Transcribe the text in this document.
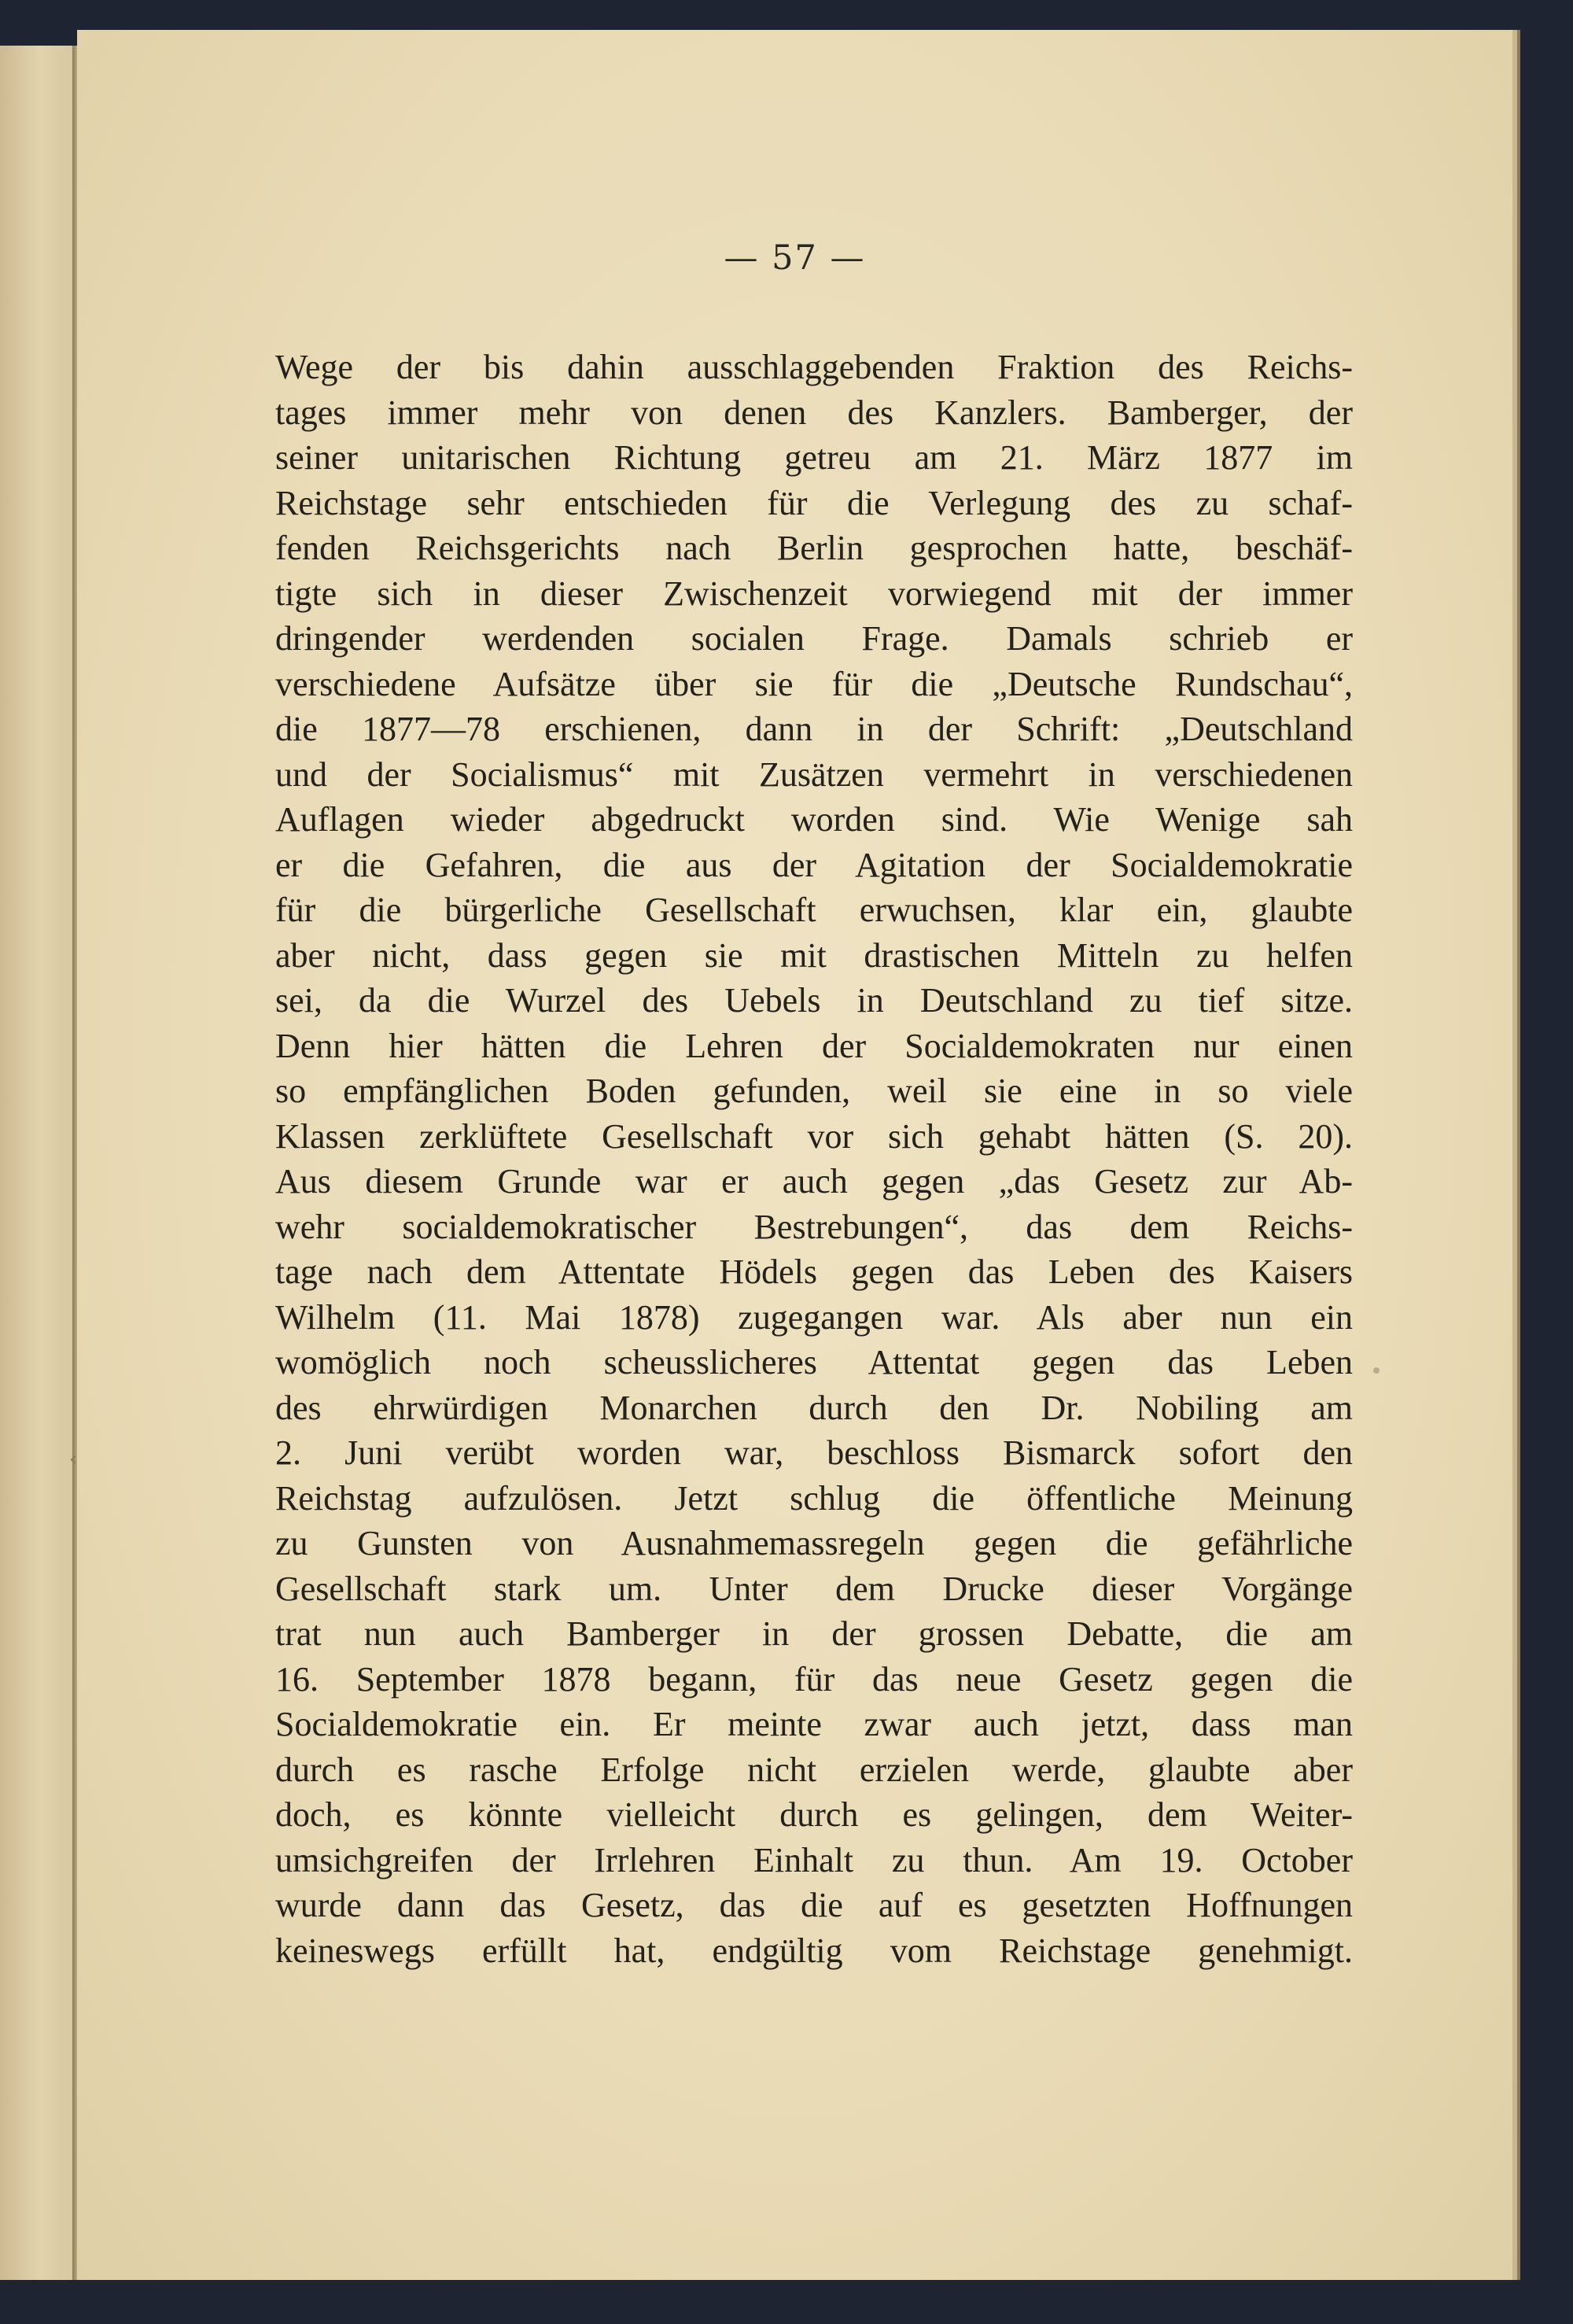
— 57 —
Wege der bis dahin ausschlaggebenden Fraktion des Reichs-
tages immer mehr von denen des Kanzlers. Bamberger, der
seiner unitarischen Richtung getreu am 21. März 1877 im
Reichstage sehr entschieden für die Verlegung des zu schaf-
fenden Reichsgerichts nach Berlin gesprochen hatte, beschäf-
tigte sich in dieser Zwischenzeit vorwiegend mit der immer
dringender werdenden socialen Frage. Damals schrieb er
verschiedene Aufsätze über sie für die „Deutsche Rundschau“,
die 1877—78 erschienen, dann in der Schrift: „Deutschland
und der Socialismus“ mit Zusätzen vermehrt in verschiedenen
Auflagen wieder abgedruckt worden sind. Wie Wenige sah
er die Gefahren, die aus der Agitation der Socialdemokratie
für die bürgerliche Gesellschaft erwuchsen, klar ein, glaubte
aber nicht, dass gegen sie mit drastischen Mitteln zu helfen
sei, da die Wurzel des Uebels in Deutschland zu tief sitze.
Denn hier hätten die Lehren der Socialdemokraten nur einen
so empfänglichen Boden gefunden, weil sie eine in so viele
Klassen zerklüftete Gesellschaft vor sich gehabt hätten (S. 20).
Aus diesem Grunde war er auch gegen „das Gesetz zur Ab-
wehr socialdemokratischer Bestrebungen“, das dem Reichs-
tage nach dem Attentate Hödels gegen das Leben des Kaisers
Wilhelm (11. Mai 1878) zugegangen war. Als aber nun ein
womöglich noch scheusslicheres Attentat gegen das Leben
des ehrwürdigen Monarchen durch den Dr. Nobiling am
2. Juni verübt worden war, beschloss Bismarck sofort den
Reichstag aufzulösen. Jetzt schlug die öffentliche Meinung
zu Gunsten von Ausnahmemassregeln gegen die gefährliche
Gesellschaft stark um. Unter dem Drucke dieser Vorgänge
trat nun auch Bamberger in der grossen Debatte, die am
16. September 1878 begann, für das neue Gesetz gegen die
Socialdemokratie ein. Er meinte zwar auch jetzt, dass man
durch es rasche Erfolge nicht erzielen werde, glaubte aber
doch, es könnte vielleicht durch es gelingen, dem Weiter-
umsichgreifen der Irrlehren Einhalt zu thun. Am 19. October
wurde dann das Gesetz, das die auf es gesetzten Hoffnungen
keineswegs erfüllt hat, endgültig vom Reichstage genehmigt.
‹
